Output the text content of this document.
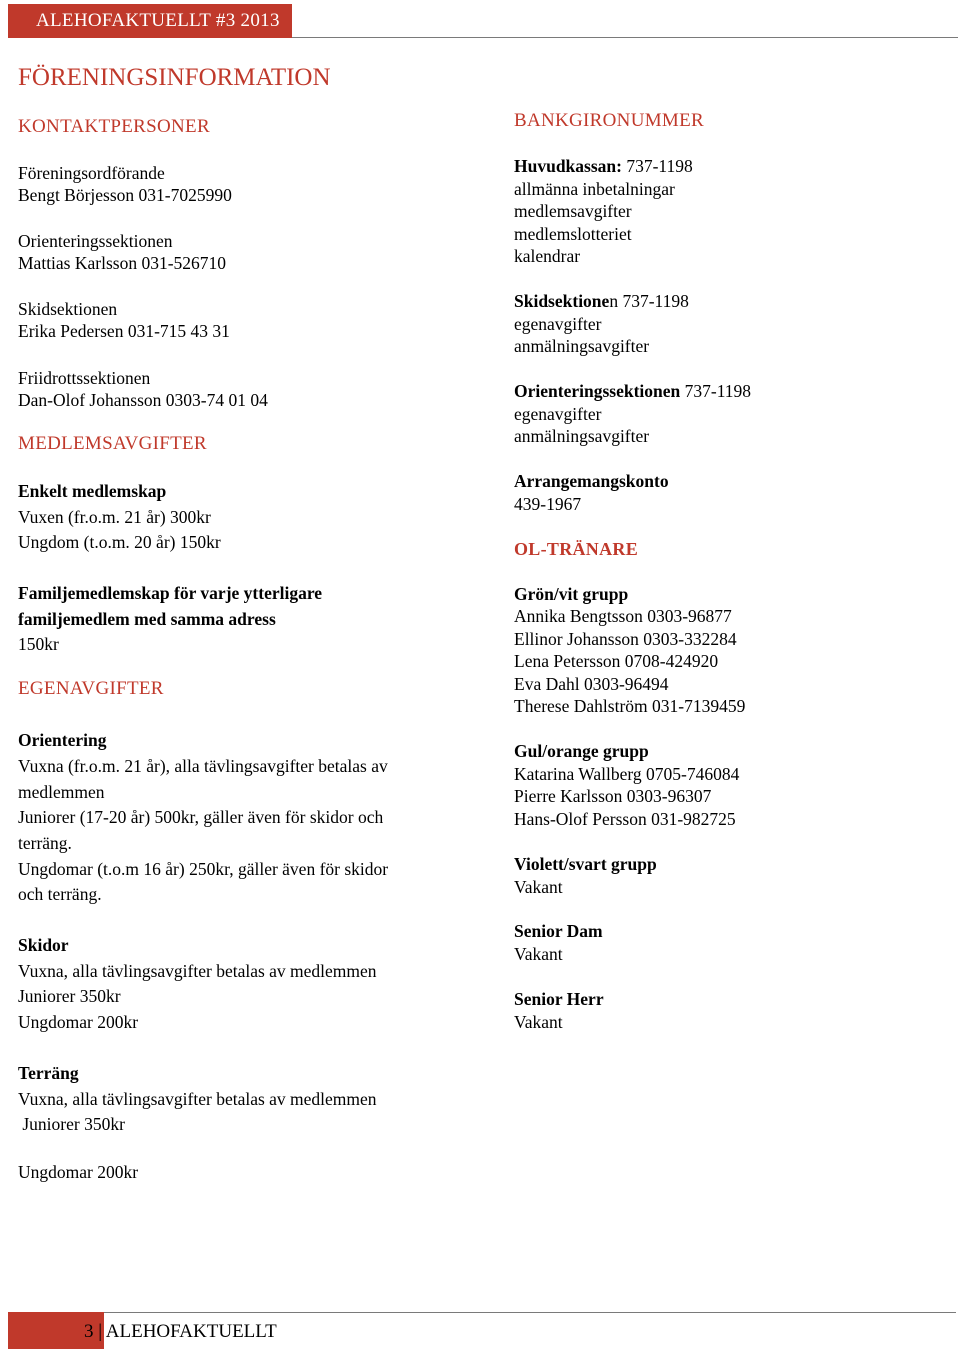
ALEHOFAKTUELLT #3 2013
FÖRENINGSINFORMATION
KONTAKTPERSONER
Föreningsordförande
Bengt Börjesson 031-7025990
Orienteringssektionen
Mattias Karlsson 031-526710
Skidsektionen
Erika Pedersen 031-715 43 31
Friidrottssektionen
Dan-Olof Johansson 0303-74 01 04
MEDLEMSAVGIFTER
Enkelt medlemskap
Vuxen (fr.o.m. 21 år) 300kr
Ungdom (t.o.m. 20 år) 150kr
Familjemedlemskap för varje ytterligare
familjemedlem med samma adress
150kr
EGENAVGIFTER
Orientering
Vuxna (fr.o.m. 21 år), alla tävlingsavgifter betalas av
medlemmen
Juniorer (17-20 år) 500kr, gäller även för skidor och
terräng.
Ungdomar (t.o.m 16 år) 250kr, gäller även för skidor
och terräng.
Skidor
Vuxna, alla tävlingsavgifter betalas av medlemmen
Juniorer 350kr
Ungdomar 200kr
Terräng
Vuxna, alla tävlingsavgifter betalas av medlemmen
Juniorer 350kr
Ungdomar 200kr
BANKGIRONUMMER
Huvudkassan: 737-1198
allmänna inbetalningar
medlemsavgifter
medlemslotteriet
kalendrar
Skidsektionen 737-1198
egenavgifter
anmälningsavgifter
Orienteringssektionen 737-1198
egenavgifter
anmälningsavgifter
Arrangemangskonto
439-1967
OL-TRÄNARE
Grön/vit grupp
Annika Bengtsson 0303-96877
Ellinor Johansson 0303-332284
Lena Petersson 0708-424920
Eva Dahl 0303-96494
Therese Dahlström 031-7139459
Gul/orange grupp
Katarina Wallberg 0705-746084
Pierre Karlsson 0303-96307
Hans-Olof Persson 031-982725
Violett/svart grupp
Vakant
Senior Dam
Vakant
Senior Herr
Vakant
3 | ALEHOFAKTUELLT
